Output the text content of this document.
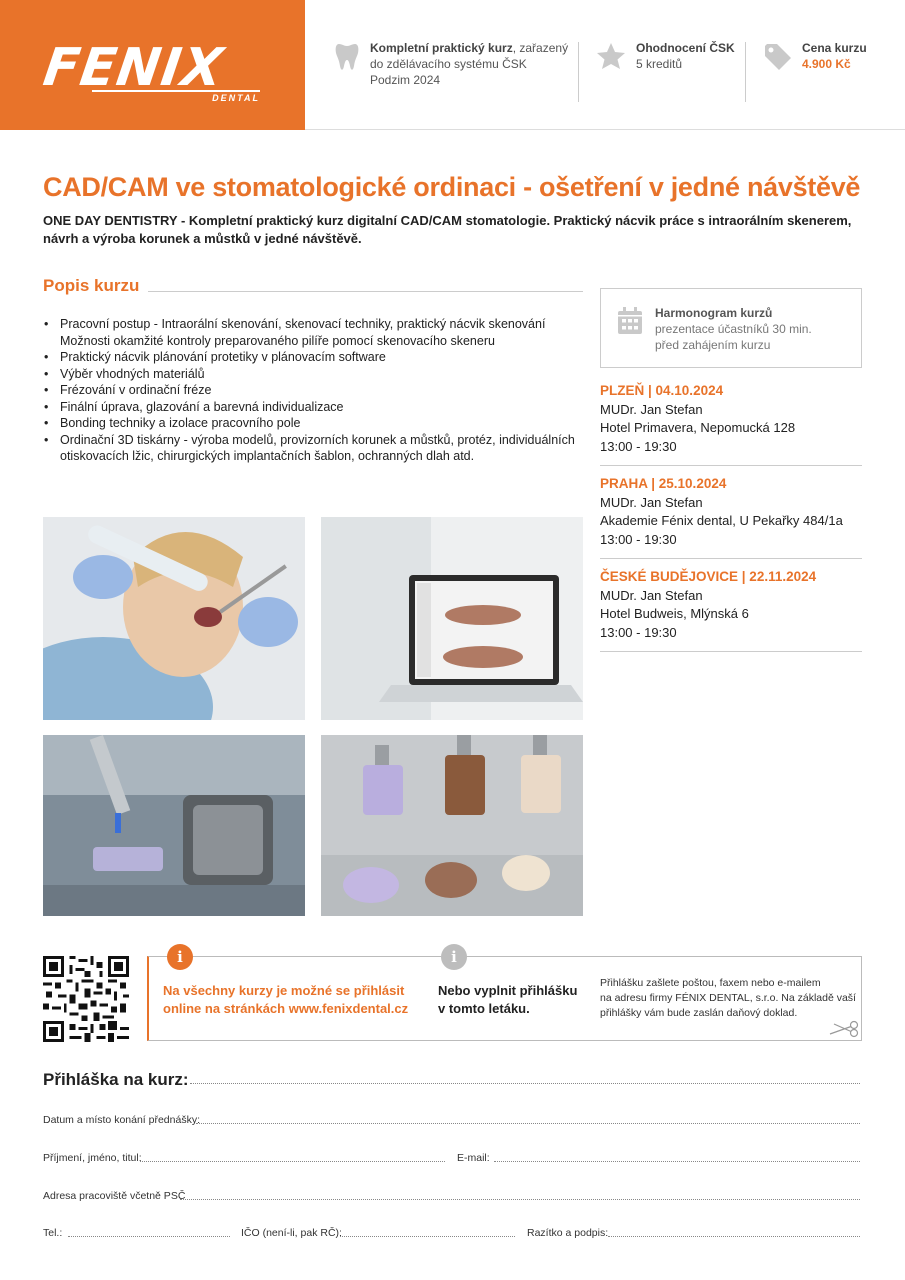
FENIX
DENTAL
Kompletní praktický kurz, zařazený
do zdělávacího systému ČSK
Podzim 2024
Ohodnocení ČSK
5 kreditů
Cena kurzu
4.900 Kč
CAD/CAM ve stomatologické ordinaci - ošetření v jedné návštěvě

ONE DAY DENTISTRY - Kompletní praktický kurz digitalní CAD/CAM stomatologie. Praktický nácvik práce s intraorálním skenerem, návrh a výroba korunek a můstků v jedné návštěvě.

Popis kurzu
• Pracovní postup - Intraorální skenování, skenovací techniky, praktický nácvik skenování Možnosti okamžité kontroly preparovaného pilíře pomocí skenovacího skeneru
• Praktický nácvik plánování protetiky v plánovacím software
• Výběr vhodných materiálů
• Frézování v ordinační fréze
• Finální úprava, glazování a barevná individualizace
• Bonding techniky a izolace pracovního pole
• Ordinační 3D tiskárny - výroba modelů, provizorních korunek a můstků, protéz, individuálních otiskovacích lžic, chirurgických implantačních šablon, ochranných dlah atd.
Harmonogram kurzů
prezentace účastníků 30 min.
před zahájením kurzu
PLZEŇ | 04.10.2024
MUDr. Jan Stefan
Hotel Primavera, Nepomucká 128
13:00 - 19:30
PRAHA | 25.10.2024
MUDr. Jan Stefan
Akademie Fénix dental, U Pekařky 484/1a
13:00 - 19:30
ČESKÉ BUDĚJOVICE | 22.11.2024
MUDr. Jan Stefan
Hotel Budweis, Mlýnská 6
13:00 - 19:30
i	i
Na všechny kurzy je možné se přihlásit
online na stránkách www.fenixdental.cz
Nebo vyplnit přihlášku
v tomto letáku.
Přihlášku zašlete poštou, faxem nebo e-mailem
na adresu firmy FÉNIX DENTAL, s.r.o. Na základě vaší
přihlášky vám bude zaslán daňový doklad.
Přihláška na kurz:
Datum a místo konání přednášky:
Příjmení, jméno, titul:	E-mail:
Adresa pracoviště včetně PSČ
Tel.:	IČO (není-li, pak RČ):	Razítko a podpis:
